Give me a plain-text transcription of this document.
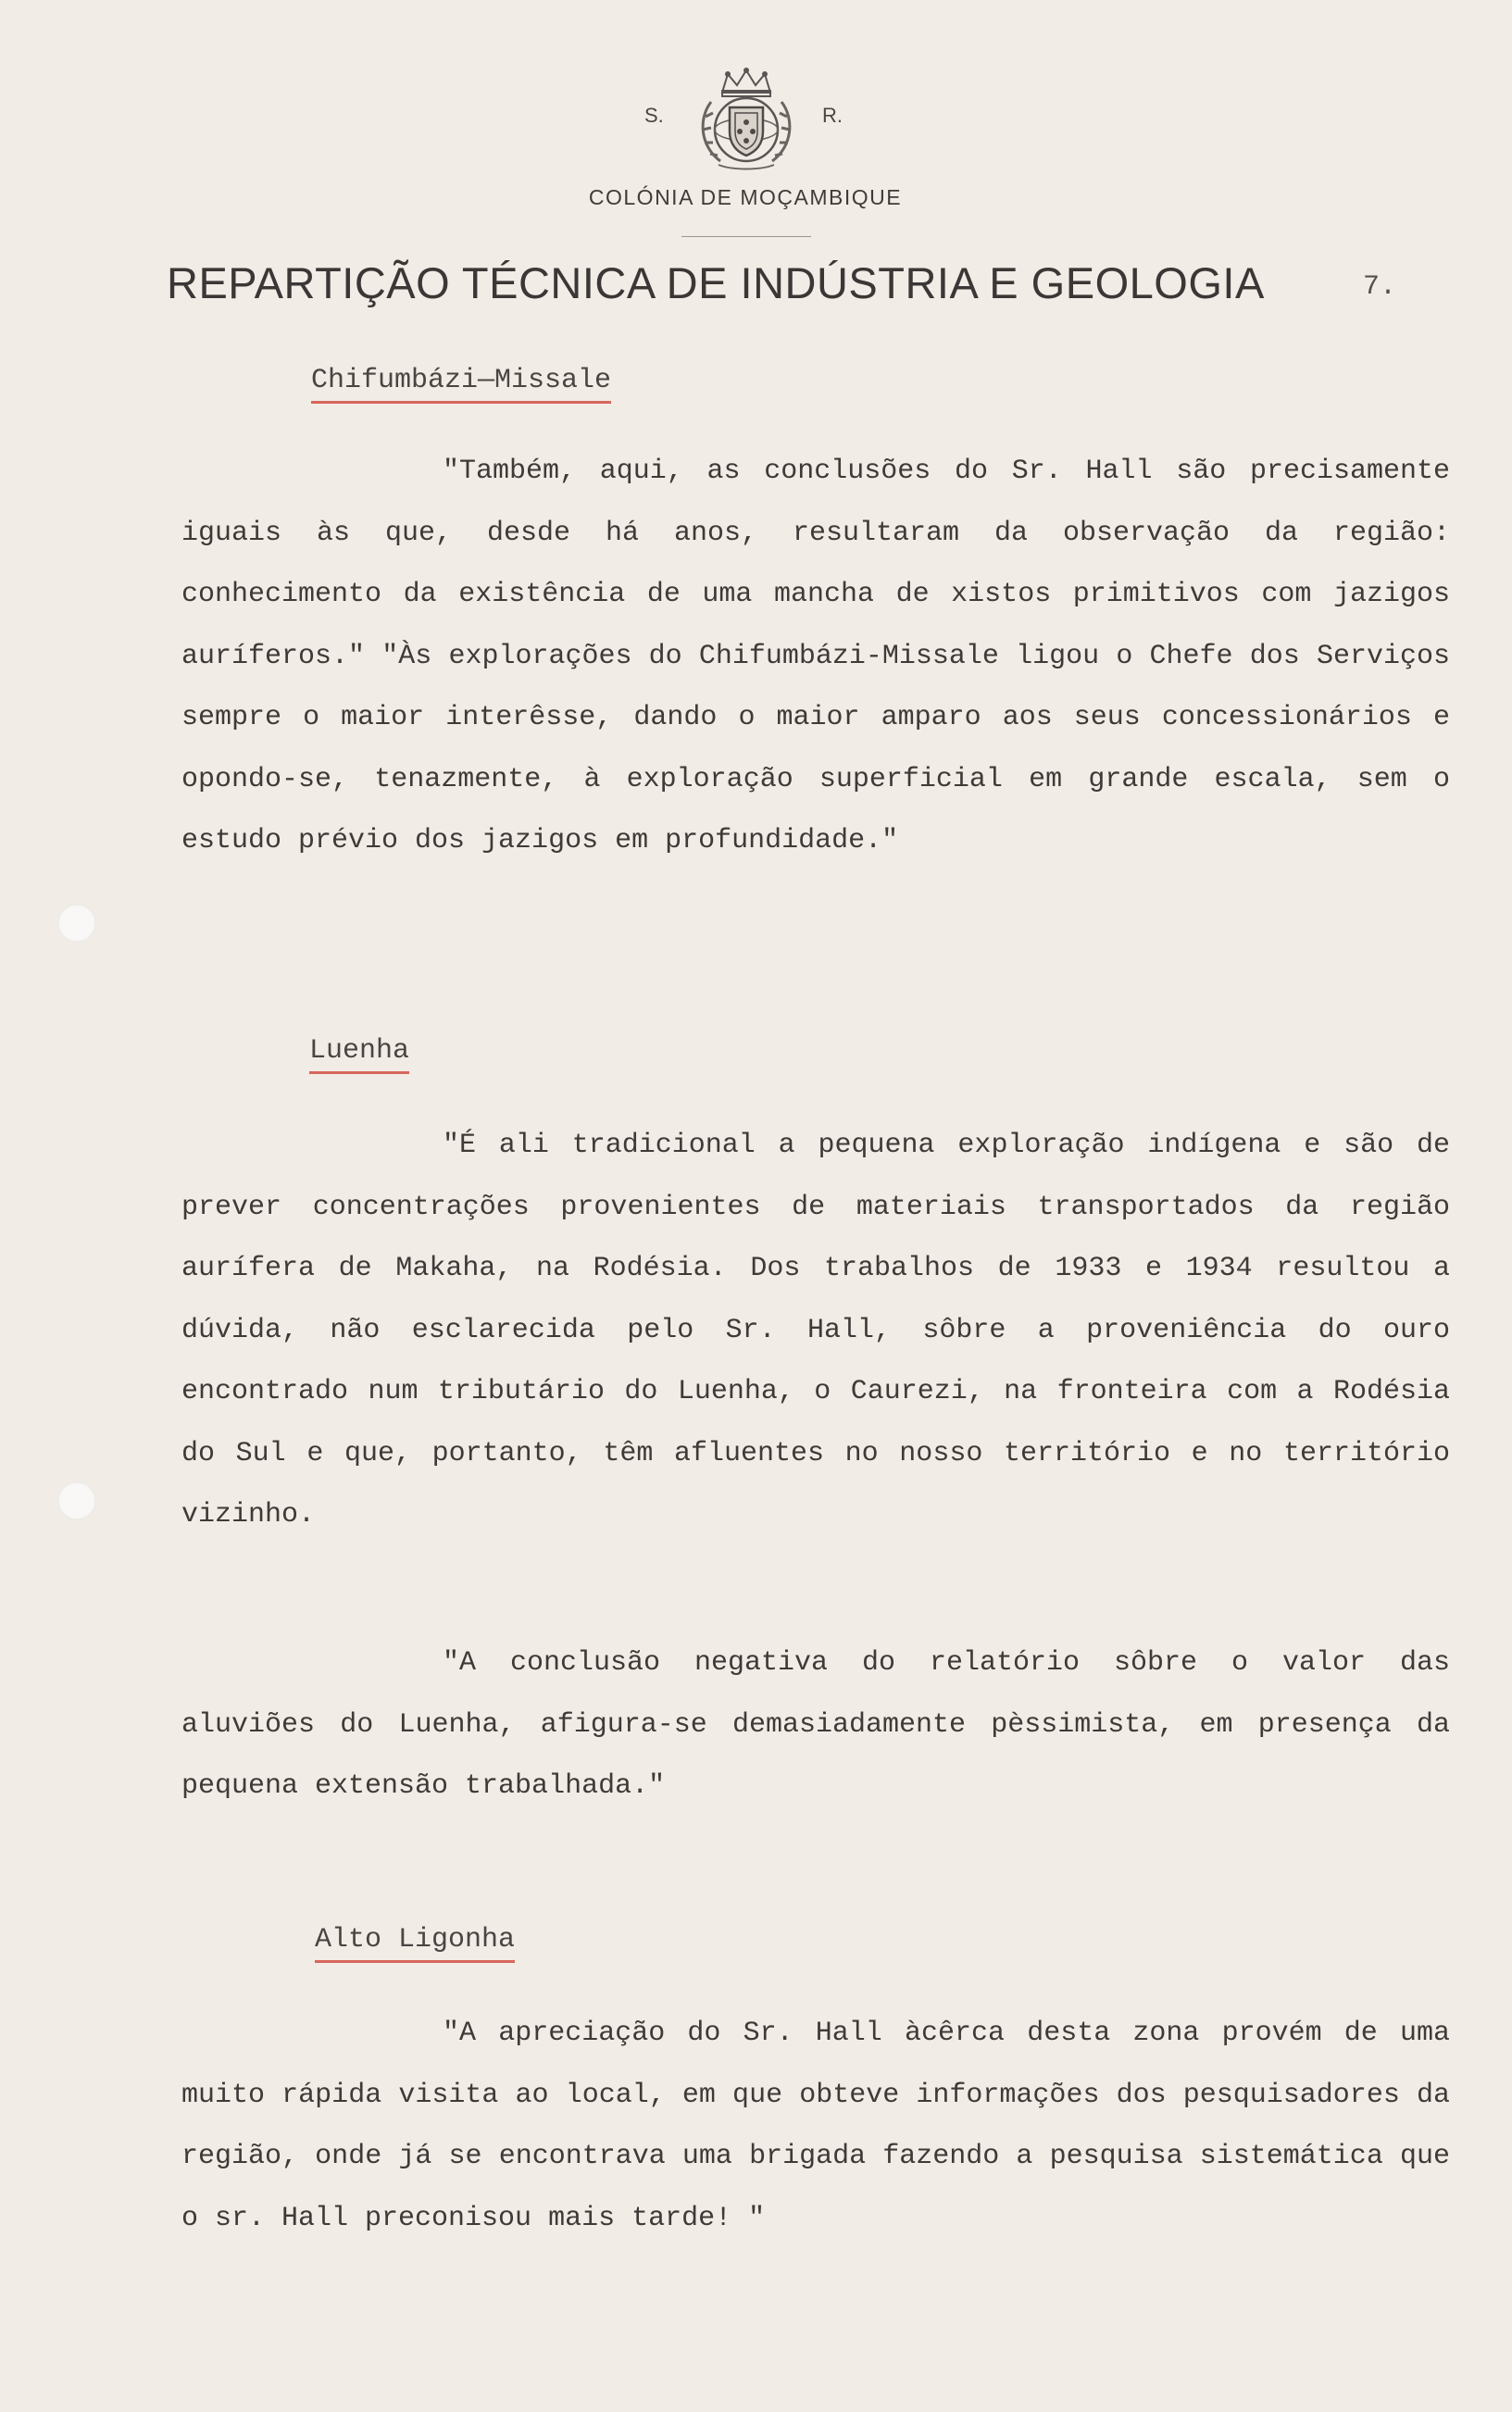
S.	R.
COLÓNIA DE MOÇAMBIQUE
REPARTIÇÃO TÉCNICA DE INDÚSTRIA E GEOLOGIA	7.
Chifumbázi—Missale

"Também, aqui, as conclusões do Sr. Hall são precisamente iguais às que, desde há anos, resultaram da observação da região: conhecimento da existência de uma mancha de xistos primitivos com jazigos auríferos." "Às explorações do Chifumbázi-Missale ligou o Chefe dos Serviços sempre o maior interêsse, dando o maior amparo aos seus concessionários e opondo-se, tenazmente, à exploração superficial em grande escala, sem o estudo prévio dos jazigos em profundidade."

Luenha

"É ali tradicional a pequena exploração indígena e são de prever concentrações provenientes de materiais transportados da região aurífera de Makaha, na Rodésia. Dos trabalhos de 1933 e 1934 resultou a dúvida, não esclarecida pelo Sr. Hall, sôbre a proveniência do ouro encontrado num tributário do Luenha, o Caurezi, na fronteira com a Rodésia do Sul e que, portanto, têm afluentes no nosso território e no território vizinho.

"A conclusão negativa do relatório sôbre o valor das aluviões do Luenha, afigura-se demasiadamente pèssimista, em presença da pequena extensão trabalhada."

Alto Ligonha

"A apreciação do Sr. Hall àcêrca desta zona provém de uma muito rápida visita ao local, em que obteve informações dos pesquisadores da região, onde já se encontrava uma brigada fazendo a pesquisa sistemática que o sr. Hall preconisou mais tarde! "
